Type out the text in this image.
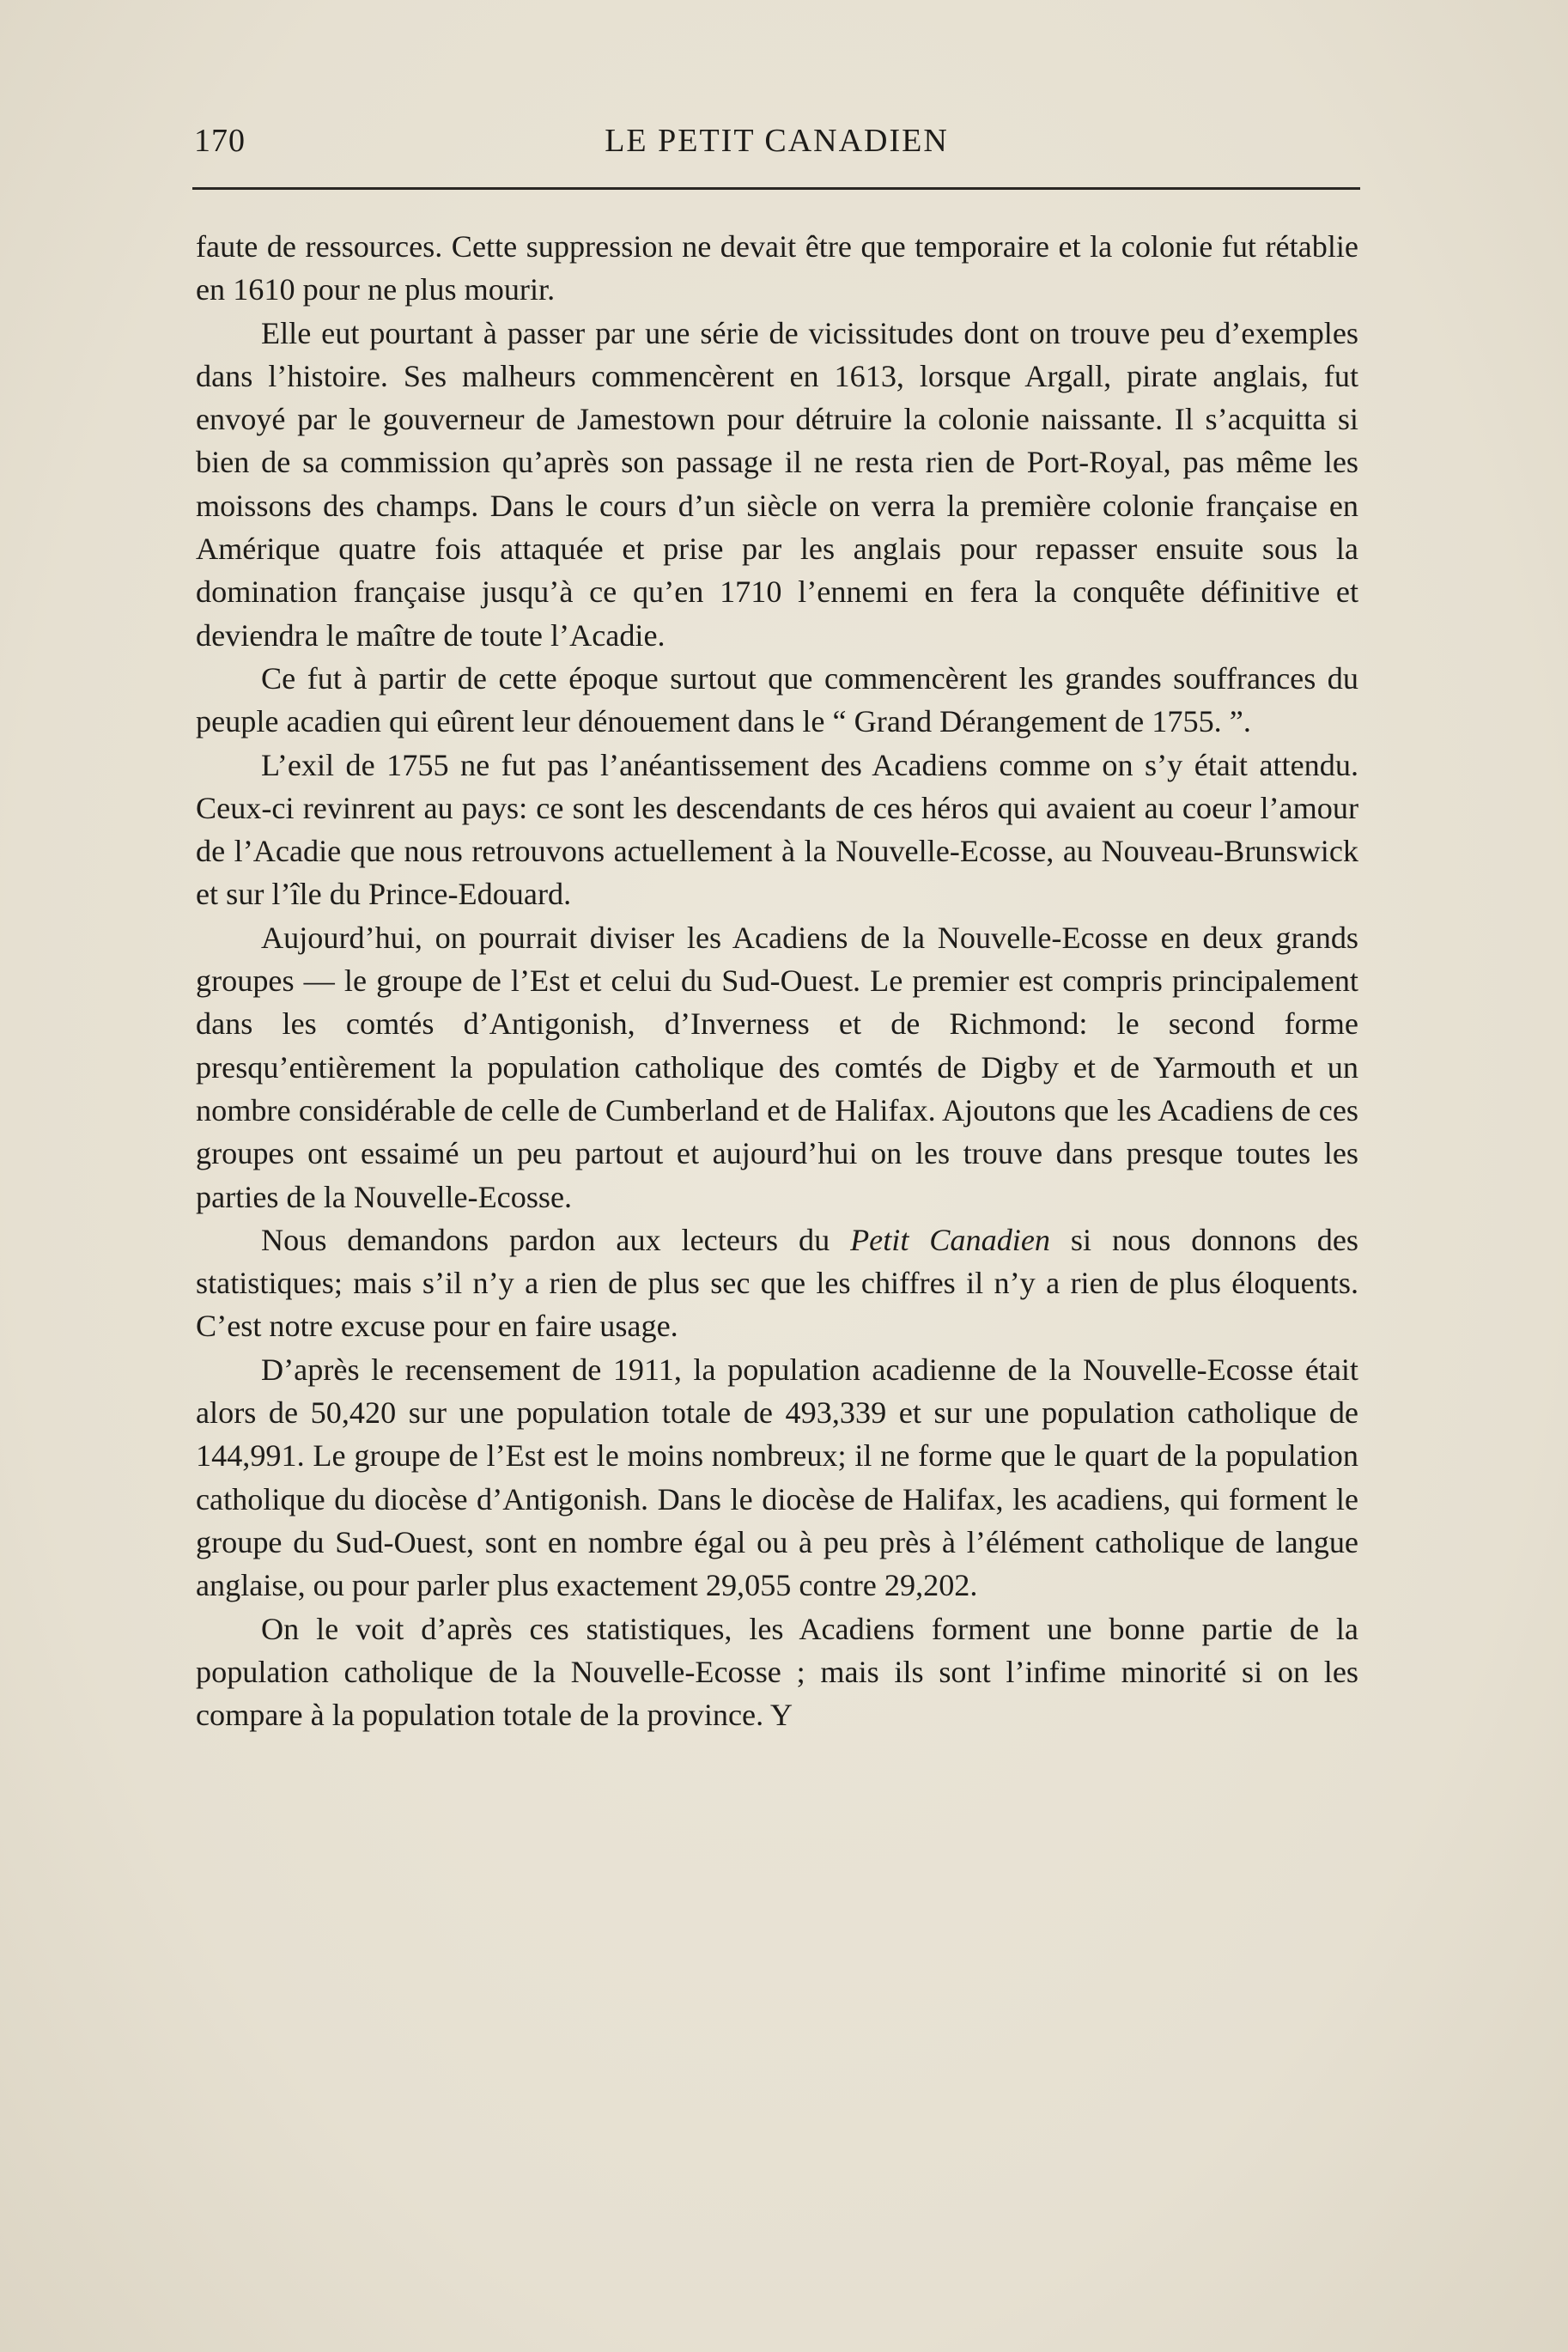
170	LE PETIT CANADIEN

faute de ressources. Cette suppression ne devait être que temporaire et la colonie fut rétablie en 1610 pour ne plus mourir.

Elle eut pourtant à passer par une série de vicissitudes dont on trouve peu d’exemples dans l’histoire. Ses malheurs commencèrent en 1613, lorsque Argall, pirate anglais, fut envoyé par le gouverneur de Jamestown pour détruire la colonie naissante. Il s’acquitta si bien de sa commission qu’après son passage il ne resta rien de Port-Royal, pas même les moissons des champs. Dans le cours d’un siècle on verra la première colonie française en Amérique quatre fois attaquée et prise par les anglais pour repasser ensuite sous la domination française jusqu’à ce qu’en 1710 l’ennemi en fera la conquête définitive et deviendra le maître de toute l’Acadie.

Ce fut à partir de cette époque surtout que commencèrent les grandes souffrances du peuple acadien qui eûrent leur dénouement dans le “ Grand Dérangement de 1755. ”.

L’exil de 1755 ne fut pas l’anéantissement des Acadiens comme on s’y était attendu. Ceux-ci revinrent au pays: ce sont les descendants de ces héros qui avaient au coeur l’amour de l’Acadie que nous retrouvons actuellement à la Nouvelle-Ecosse, au Nouveau-Brunswick et sur l’île du Prince-Edouard.

Aujourd’hui, on pourrait diviser les Acadiens de la Nouvelle-Ecosse en deux grands groupes — le groupe de l’Est et celui du Sud-Ouest. Le premier est compris principalement dans les comtés d’Antigonish, d’Inverness et de Richmond: le second forme presqu’entièrement la population catholique des comtés de Digby et de Yarmouth et un nombre considérable de celle de Cumberland et de Halifax. Ajoutons que les Acadiens de ces groupes ont essaimé un peu partout et aujourd’hui on les trouve dans presque toutes les parties de la Nouvelle-Ecosse.

Nous demandons pardon aux lecteurs du Petit Canadien si nous donnons des statistiques; mais s’il n’y a rien de plus sec que les chiffres il n’y a rien de plus éloquents. C’est notre excuse pour en faire usage.

D’après le recensement de 1911, la population acadienne de la Nouvelle-Ecosse était alors de 50,420 sur une population totale de 493,339 et sur une population catholique de 144,991. Le groupe de l’Est est le moins nombreux; il ne forme que le quart de la population catholique du diocèse d’Antigonish. Dans le diocèse de Halifax, les acadiens, qui forment le groupe du Sud-Ouest, sont en nombre égal ou à peu près à l’élément catholique de langue anglaise, ou pour parler plus exactement 29,055 contre 29,202.

On le voit d’après ces statistiques, les Acadiens forment une bonne partie de la population catholique de la Nouvelle-Ecosse ; mais ils sont l’infime minorité si on les compare à la population totale de la province. Y
